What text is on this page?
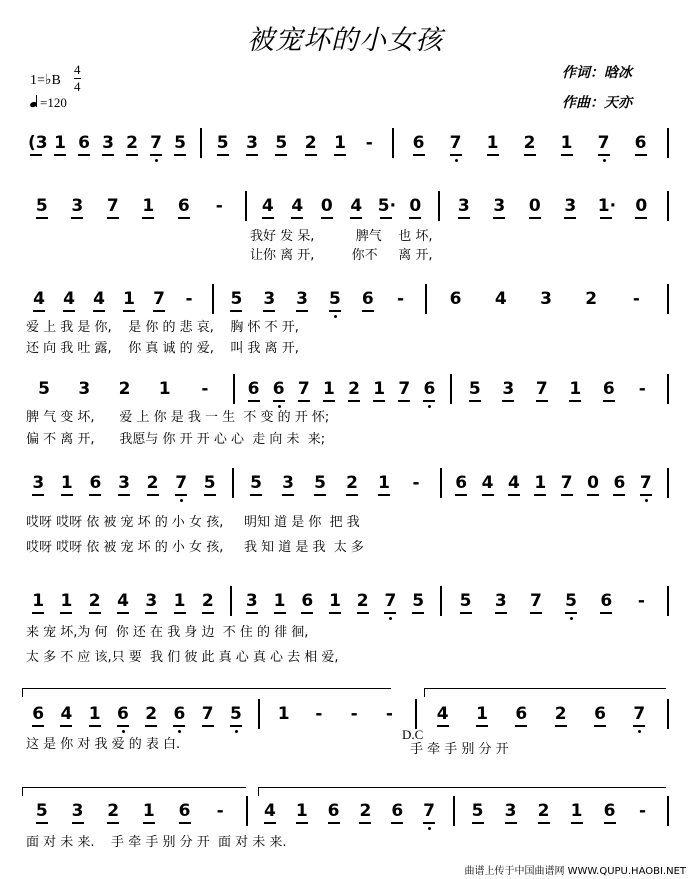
被宠坏的小女孩
作词：晗冰
作曲：天亦
1=♭B
4
4
=120
(3 1 6 3 2 7 5 5 3 5 2 1 - 6 7 1 2 1 7 6
5 3 7 1 6 - 4 4 0 4 5· 0 3 3 0 3 1· 0
我好 发 呆,          脾气    也 坏,
让你 离 开,         你不     离 开,
4 4 4 1 7 - 5 3 3 5 6 -	6 4 3 2 -
爱 上 我 是 你,    是 你 的 悲 哀,    胸 怀 不 开,
还 向 我 吐 露,    你 真 诚 的 爱,    叫 我 离 开,
5 3 2 1 - 6 6 7 1 2 1 7 6 5 3 7 1 6 -
脾 气 变 坏,      爱 上 你 是 我 一 生  不 变 的 开 怀;
偏 不 离 开,      我愿与 你 开 开 心 心  走 向 未  来;
3 1 6 3 2 7 5 5 3 5 2 1 - 6 4 4 1 7 0 6 7
哎呀 哎呀 依 被 宠 坏 的 小 女 孩,     明知 道 是 你  把 我
哎呀 哎呀 依 被 宠 坏 的 小 女 孩,     我 知 道 是 我  太 多
1 1 2 4 3 1 2 3 1 6 1 2 7 5 5 3 7 5 6 -
来 宠 坏,为 何  你 还 在 我 身 边  不 住 的 徘 徊,
太 多 不 应 该,只 要  我 们 彼 此 真 心 真 心 去 相 爱,
6 4 1 6 2 6 7 5 1 - - -	4 1 6 2 6 7
这 是 你 对 我 爱 的 表 白.	手 牵 手 别 分 开
5 3 2 1 6 - 4 1 6 2 6 7 5 3 2 1 6 -
面 对 未 来.    手 牵 手 别 分 开  面 对 未 来.
D.C
曲谱上传于中国曲谱网 WWW.QUPU.HAOBI.NET
